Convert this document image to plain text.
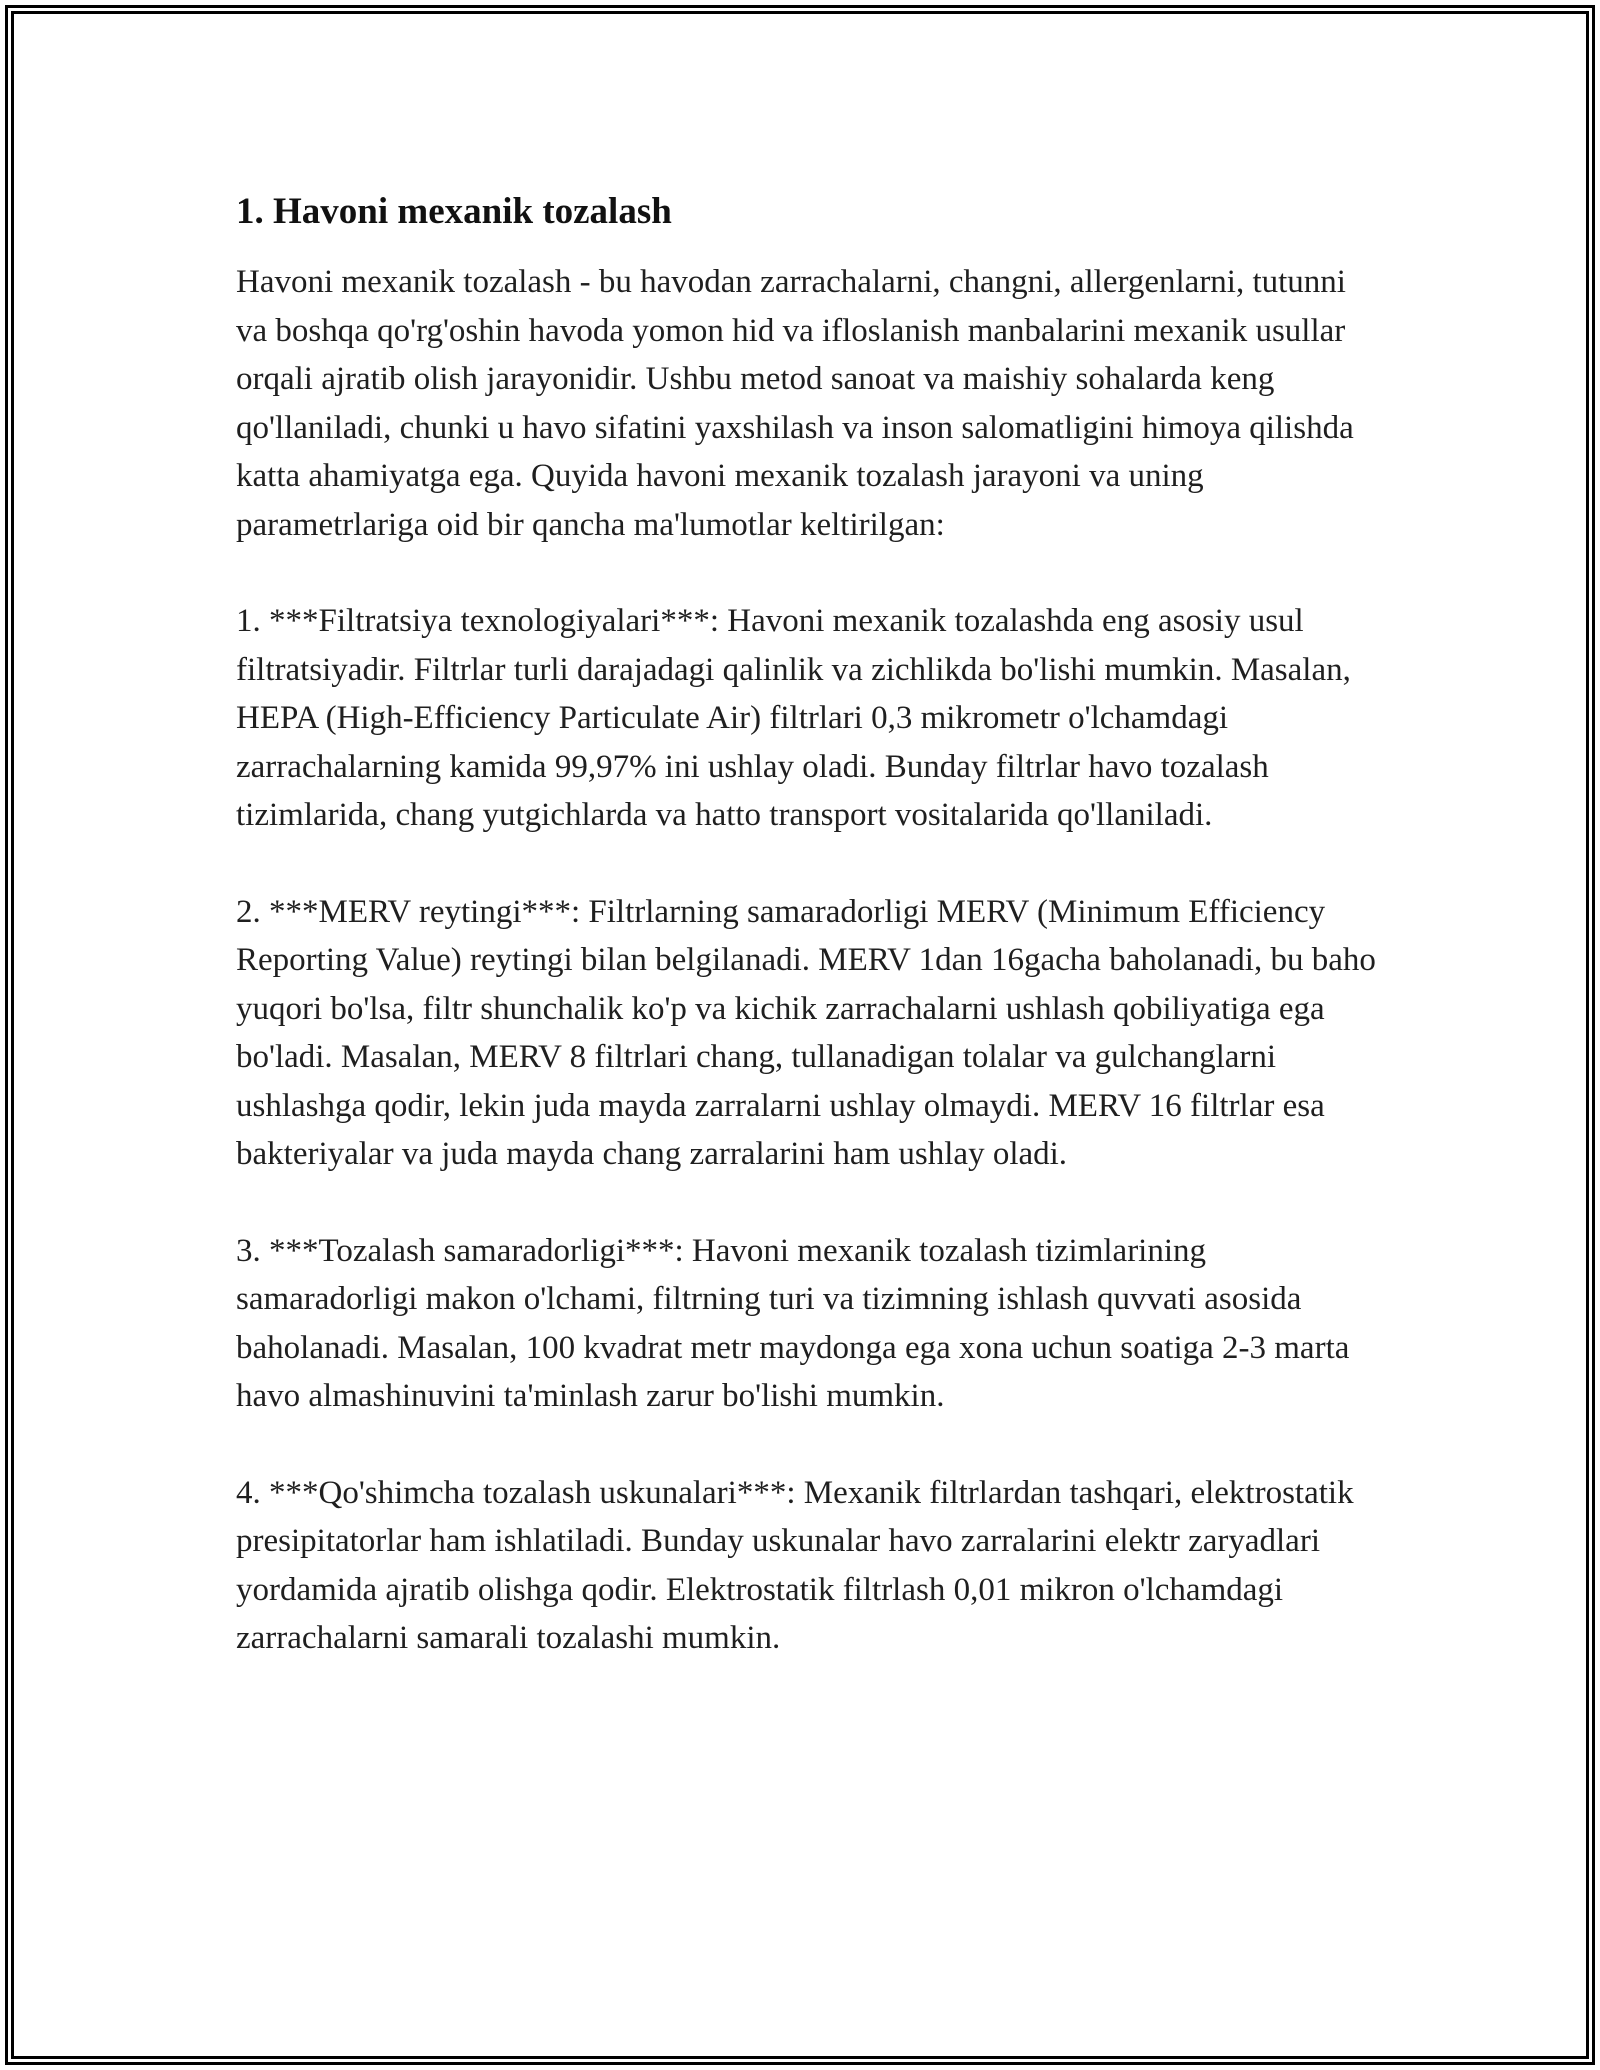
1. Havoni mexanik tozalash

Havoni mexanik tozalash - bu havodan zarrachalarni, changni, allergenlarni, tutunni va boshqa qo'rg'oshin havoda yomon hid va ifloslanish manbalarini mexanik usullar orqali ajratib olish jarayonidir. Ushbu metod sanoat va maishiy sohalarda keng qo'llaniladi, chunki u havo sifatini yaxshilash va inson salomatligini himoya qilishda katta ahamiyatga ega. Quyida havoni mexanik tozalash jarayoni va uning parametrlariga oid bir qancha ma'lumotlar keltirilgan:

1. ***Filtratsiya texnologiyalari***: Havoni mexanik tozalashda eng asosiy usul filtratsiyadir. Filtrlar turli darajadagi qalinlik va zichlikda bo'lishi mumkin. Masalan, HEPA (High-Efficiency Particulate Air) filtrlari 0,3 mikrometr o'lchamdagi zarrachalarning kamida 99,97% ini ushlay oladi. Bunday filtrlar havo tozalash tizimlarida, chang yutgichlarda va hatto transport vositalarida qo'llaniladi.

2. ***MERV reytingi***: Filtrlarning samaradorligi MERV (Minimum Efficiency Reporting Value) reytingi bilan belgilanadi. MERV 1dan 16gacha baholanadi, bu baho yuqori bo'lsa, filtr shunchalik ko'p va kichik zarrachalarni ushlash qobiliyatiga ega bo'ladi. Masalan, MERV 8 filtrlari chang, tullanadigan tolalar va gulchanglarni ushlashga qodir, lekin juda mayda zarralarni ushlay olmaydi. MERV 16 filtrlar esa bakteriyalar va juda mayda chang zarralarini ham ushlay oladi.

3. ***Tozalash samaradorligi***: Havoni mexanik tozalash tizimlarining samaradorligi makon o'lchami, filtrning turi va tizimning ishlash quvvati asosida baholanadi. Masalan, 100 kvadrat metr maydonga ega xona uchun soatiga 2-3 marta havo almashinuvini ta'minlash zarur bo'lishi mumkin.

4. ***Qo'shimcha tozalash uskunalari***: Mexanik filtrlardan tashqari, elektrostatik presipitatorlar ham ishlatiladi. Bunday uskunalar havo zarralarini elektr zaryadlari yordamida ajratib olishga qodir. Elektrostatik filtrlash 0,01 mikron o'lchamdagi zarrachalarni samarali tozalashi mumkin.
